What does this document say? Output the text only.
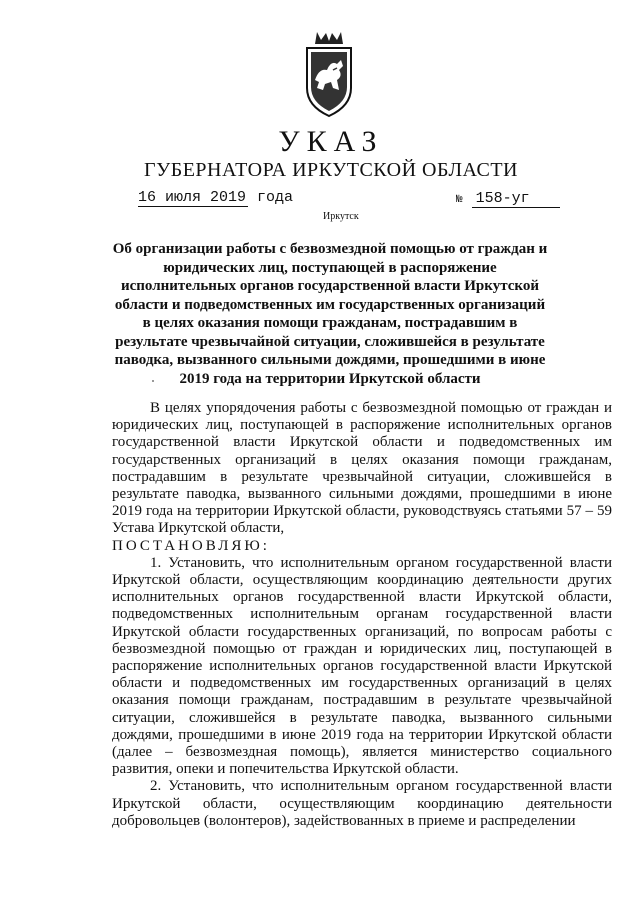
УКАЗ
ГУБЕРНАТОРА ИРКУТСКОЙ ОБЛАСТИ
16 июля 2019 года	№ 158-уг
Иркутск
Об организации работы с безвозмездной помощью от граждан и юридических лиц, поступающей в распоряжение исполнительных органов государственной власти Иркутской области и подведомственных им государственных организаций в целях оказания помощи гражданам, пострадавшим в результате чрезвычайной ситуации, сложившейся в результате паводка, вызванного сильными дождями, прошедшими в июне 2019 года на территории Иркутской области

В целях упорядочения работы с безвозмездной помощью от граждан и юридических лиц, поступающей в распоряжение исполнительных органов государственной власти Иркутской области и подведомственных им государственных организаций в целях оказания помощи гражданам, пострадавшим в результате чрезвычайной ситуации, сложившейся в результате паводка, вызванного сильными дождями, прошедшими в июне 2019 года на территории Иркутской области, руководствуясь статьями 57 – 59 Устава Иркутской области,

ПОСТАНОВЛЯЮ:

1. Установить, что исполнительным органом государственной власти Иркутской области, осуществляющим координацию деятельности других исполнительных органов государственной власти Иркутской области, подведомственных исполнительным органам государственной власти Иркутской области государственных организаций, по вопросам работы с безвозмездной помощью от граждан и юридических лиц, поступающей в распоряжение исполнительных органов государственной власти Иркутской области и подведомственных им государственных организаций в целях оказания помощи гражданам, пострадавшим в результате чрезвычайной ситуации, сложившейся в результате паводка, вызванного сильными дождями, прошедшими в июне 2019 года на территории Иркутской области (далее – безвозмездная помощь), является министерство социального развития, опеки и попечительства Иркутской области.

2. Установить, что исполнительным органом государственной власти Иркутской области, осуществляющим координацию деятельности добровольцев (волонтеров), задействованных в приеме и распределении
